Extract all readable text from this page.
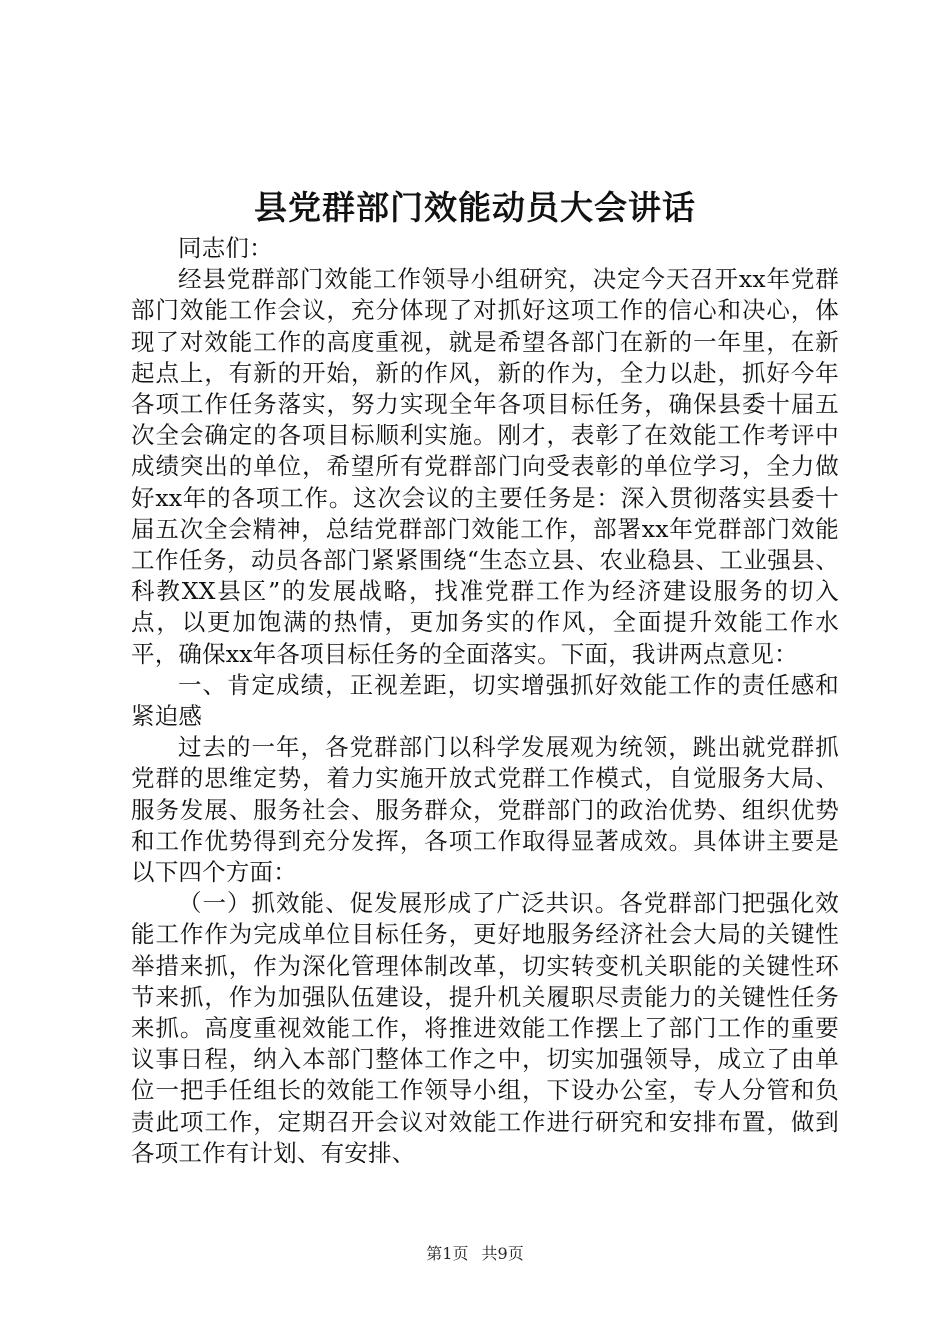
县党群部门效能动员大会讲话

同志们：

经县党群部门效能工作领导小组研究，决定今天召开xx年党群部门效能工作会议，充分体现了对抓好这项工作的信心和决心，体现了对效能工作的高度重视，就是希望各部门在新的一年里，在新起点上，有新的开始，新的作风，新的作为，全力以赴，抓好今年各项工作任务落实，努力实现全年各项目标任务，确保县委十届五次全会确定的各项目标顺利实施。刚才，表彰了在效能工作考评中成绩突出的单位，希望所有党群部门向受表彰的单位学习，全力做好xx年的各项工作。这次会议的主要任务是：深入贯彻落实县委十届五次全会精神，总结党群部门效能工作，部署xx年党群部门效能工作任务，动员各部门紧紧围绕“生态立县、农业稳县、工业强县、科教XX县区”的发展战略，找准党群工作为经济建设服务的切入点，以更加饱满的热情，更加务实的作风，全面提升效能工作水平，确保xx年各项目标任务的全面落实。下面，我讲两点意见：

一、肯定成绩，正视差距，切实增强抓好效能工作的责任感和紧迫感

过去的一年，各党群部门以科学发展观为统领，跳出就党群抓党群的思维定势，着力实施开放式党群工作模式，自觉服务大局、服务发展、服务社会、服务群众，党群部门的政治优势、组织优势和工作优势得到充分发挥，各项工作取得显著成效。具体讲主要是以下四个方面：

（一）抓效能、促发展形成了广泛共识。各党群部门把强化效能工作作为完成单位目标任务，更好地服务经济社会大局的关键性举措来抓，作为深化管理体制改革，切实转变机关职能的关键性环节来抓，作为加强队伍建设，提升机关履职尽责能力的关键性任务来抓。高度重视效能工作，将推进效能工作摆上了部门工作的重要议事日程，纳入本部门整体工作之中，切实加强领导，成立了由单位一把手任组长的效能工作领导小组，下设办公室，专人分管和负责此项工作，定期召开会议对效能工作进行研究和安排布置，做到各项工作有计划、有安排、

第1页 共9页
